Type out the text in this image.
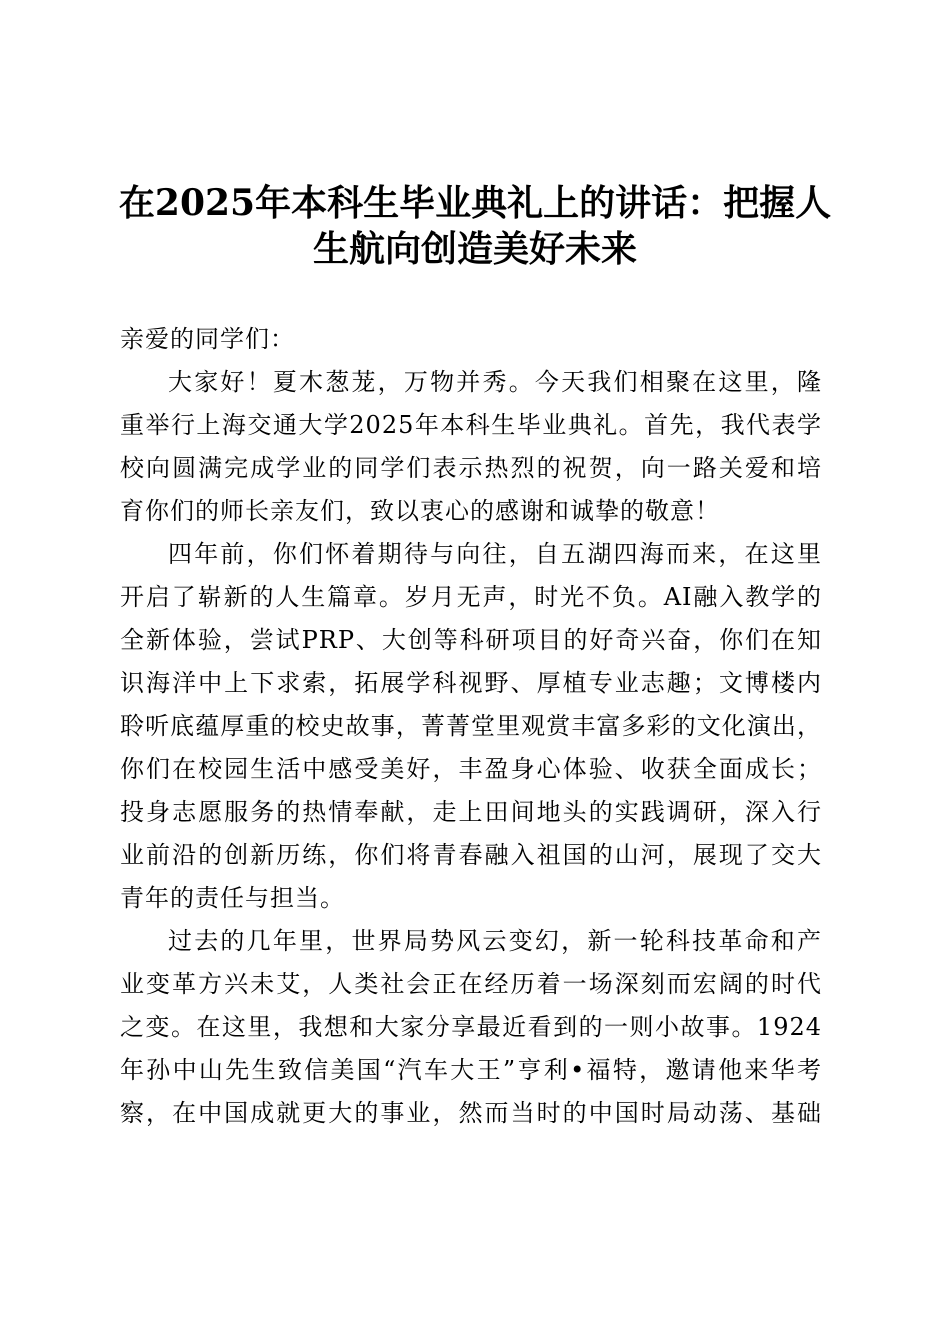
在2025年本科生毕业典礼上的讲话：把握人
生航向创造美好未来

亲爱的同学们：

大家好！夏木葱茏，万物并秀。今天我们相聚在这里，隆
重举行上海交通大学2025年本科生毕业典礼。首先，我代表学
校向圆满完成学业的同学们表示热烈的祝贺，向一路关爱和培
育你们的师长亲友们，致以衷心的感谢和诚挚的敬意！

四年前，你们怀着期待与向往，自五湖四海而来，在这里
开启了崭新的人生篇章。岁月无声，时光不负。AI融入教学的
全新体验，尝试PRP、大创等科研项目的好奇兴奋，你们在知
识海洋中上下求索，拓展学科视野、厚植专业志趣；文博楼内
聆听底蕴厚重的校史故事，菁菁堂里观赏丰富多彩的文化演出，
你们在校园生活中感受美好，丰盈身心体验、收获全面成长；
投身志愿服务的热情奉献，走上田间地头的实践调研，深入行
业前沿的创新历练，你们将青春融入祖国的山河，展现了交大
青年的责任与担当。

过去的几年里，世界局势风云变幻，新一轮科技革命和产
业变革方兴未艾，人类社会正在经历着一场深刻而宏阔的时代
之变。在这里，我想和大家分享最近看到的一则小故事。1924
年孙中山先生致信美国“汽车大王”亨利•福特，邀请他来华考
察，在中国成就更大的事业，然而当时的中国时局动荡、基础
